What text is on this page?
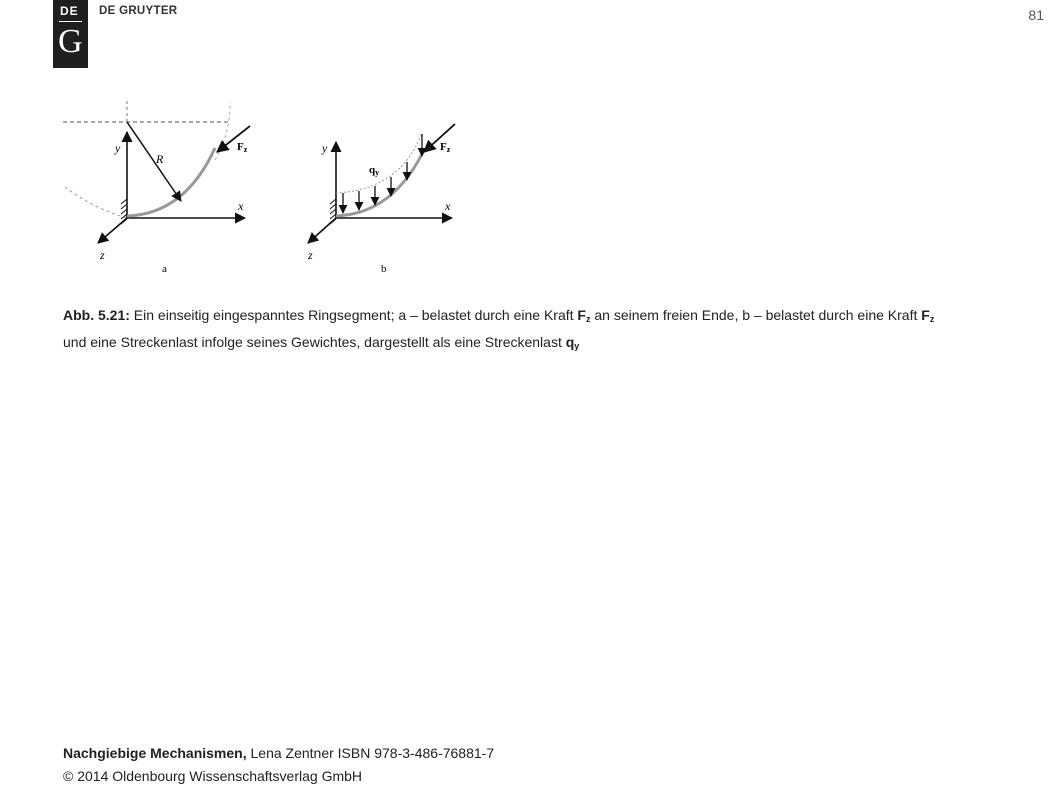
DE
G
DE GRUYTER	81
y
x
z
R
Fz
a
y
x
z
qy
Fz
b
Abb. 5.21: Ein einseitig eingespanntes Ringsegment; a – belastet durch eine Kraft $F_z$ an seinem freien Ende, b – belastet durch eine Kraft $F_z$ und eine Streckenlast infolge seines Gewichtes, dargestellt als eine Streckenlast $q_y$
Nachgiebige Mechanismen, Lena Zentner ISBN 978-3-486-76881-7
© 2014 Oldenbourg Wissenschaftsverlag GmbH
